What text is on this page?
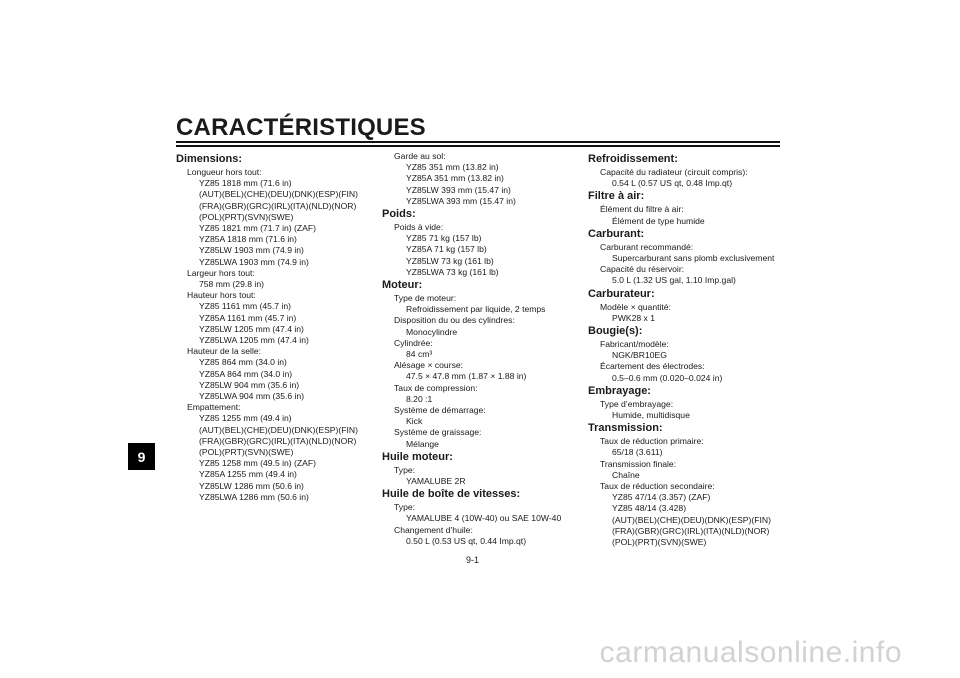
CARACTÉRISTIQUES
9
Dimensions:
Longueur hors tout:
YZ85 1818 mm (71.6 in)
(AUT)(BEL)(CHE)(DEU)(DNK)(ESP)(FIN)
(FRA)(GBR)(GRC)(IRL)(ITA)(NLD)(NOR)
(POL)(PRT)(SVN)(SWE)
YZ85 1821 mm (71.7 in) (ZAF)
YZ85A 1818 mm (71.6 in)
YZ85LW 1903 mm (74.9 in)
YZ85LWA 1903 mm (74.9 in)
Largeur hors tout:
758 mm (29.8 in)
Hauteur hors tout:
YZ85 1161 mm (45.7 in)
YZ85A 1161 mm (45.7 in)
YZ85LW 1205 mm (47.4 in)
YZ85LWA 1205 mm (47.4 in)
Hauteur de la selle:
YZ85 864 mm (34.0 in)
YZ85A 864 mm (34.0 in)
YZ85LW 904 mm (35.6 in)
YZ85LWA 904 mm (35.6 in)
Empattement:
YZ85 1255 mm (49.4 in)
(AUT)(BEL)(CHE)(DEU)(DNK)(ESP)(FIN)
(FRA)(GBR)(GRC)(IRL)(ITA)(NLD)(NOR)
(POL)(PRT)(SVN)(SWE)
YZ85 1258 mm (49.5 in) (ZAF)
YZ85A 1255 mm (49.4 in)
YZ85LW 1286 mm (50.6 in)
YZ85LWA 1286 mm (50.6 in)
Garde au sol:
YZ85 351 mm (13.82 in)
YZ85A 351 mm (13.82 in)
YZ85LW 393 mm (15.47 in)
YZ85LWA 393 mm (15.47 in)
Poids:
Poids à vide:
YZ85 71 kg (157 lb)
YZ85A 71 kg (157 lb)
YZ85LW 73 kg (161 lb)
YZ85LWA 73 kg (161 lb)
Moteur:
Type de moteur:
Refroidissement par liquide, 2 temps
Disposition du ou des cylindres:
Monocylindre
Cylindrée:
84 cm³
Alésage × course:
47.5 × 47.8 mm (1.87 × 1.88 in)
Taux de compression:
8.20 :1
Système de démarrage:
Kick
Système de graissage:
Mélange
Huile moteur:
Type:
YAMALUBE 2R
Huile de boîte de vitesses:
Type:
YAMALUBE 4 (10W-40) ou SAE 10W-40
Changement d’huile:
0.50 L (0.53 US qt, 0.44 Imp.qt)
Refroidissement:
Capacité du radiateur (circuit compris):
0.54 L (0.57 US qt, 0.48 Imp.qt)
Filtre à air:
Élément du filtre à air:
Élément de type humide
Carburant:
Carburant recommandé:
Supercarburant sans plomb exclusivement
Capacité du réservoir:
5.0 L (1.32 US gal, 1.10 Imp.gal)
Carburateur:
Modèle × quantité:
PWK28 x 1
Bougie(s):
Fabricant/modèle:
NGK/BR10EG
Écartement des électrodes:
0.5–0.6 mm (0.020–0.024 in)
Embrayage:
Type d’embrayage:
Humide, multidisque
Transmission:
Taux de réduction primaire:
65/18 (3.611)
Transmission finale:
Chaîne
Taux de réduction secondaire:
YZ85 47/14 (3.357) (ZAF)
YZ85 48/14 (3.428)
(AUT)(BEL)(CHE)(DEU)(DNK)(ESP)(FIN)
(FRA)(GBR)(GRC)(IRL)(ITA)(NLD)(NOR)
(POL)(PRT)(SVN)(SWE)
9-1
carmanualsonline.info
